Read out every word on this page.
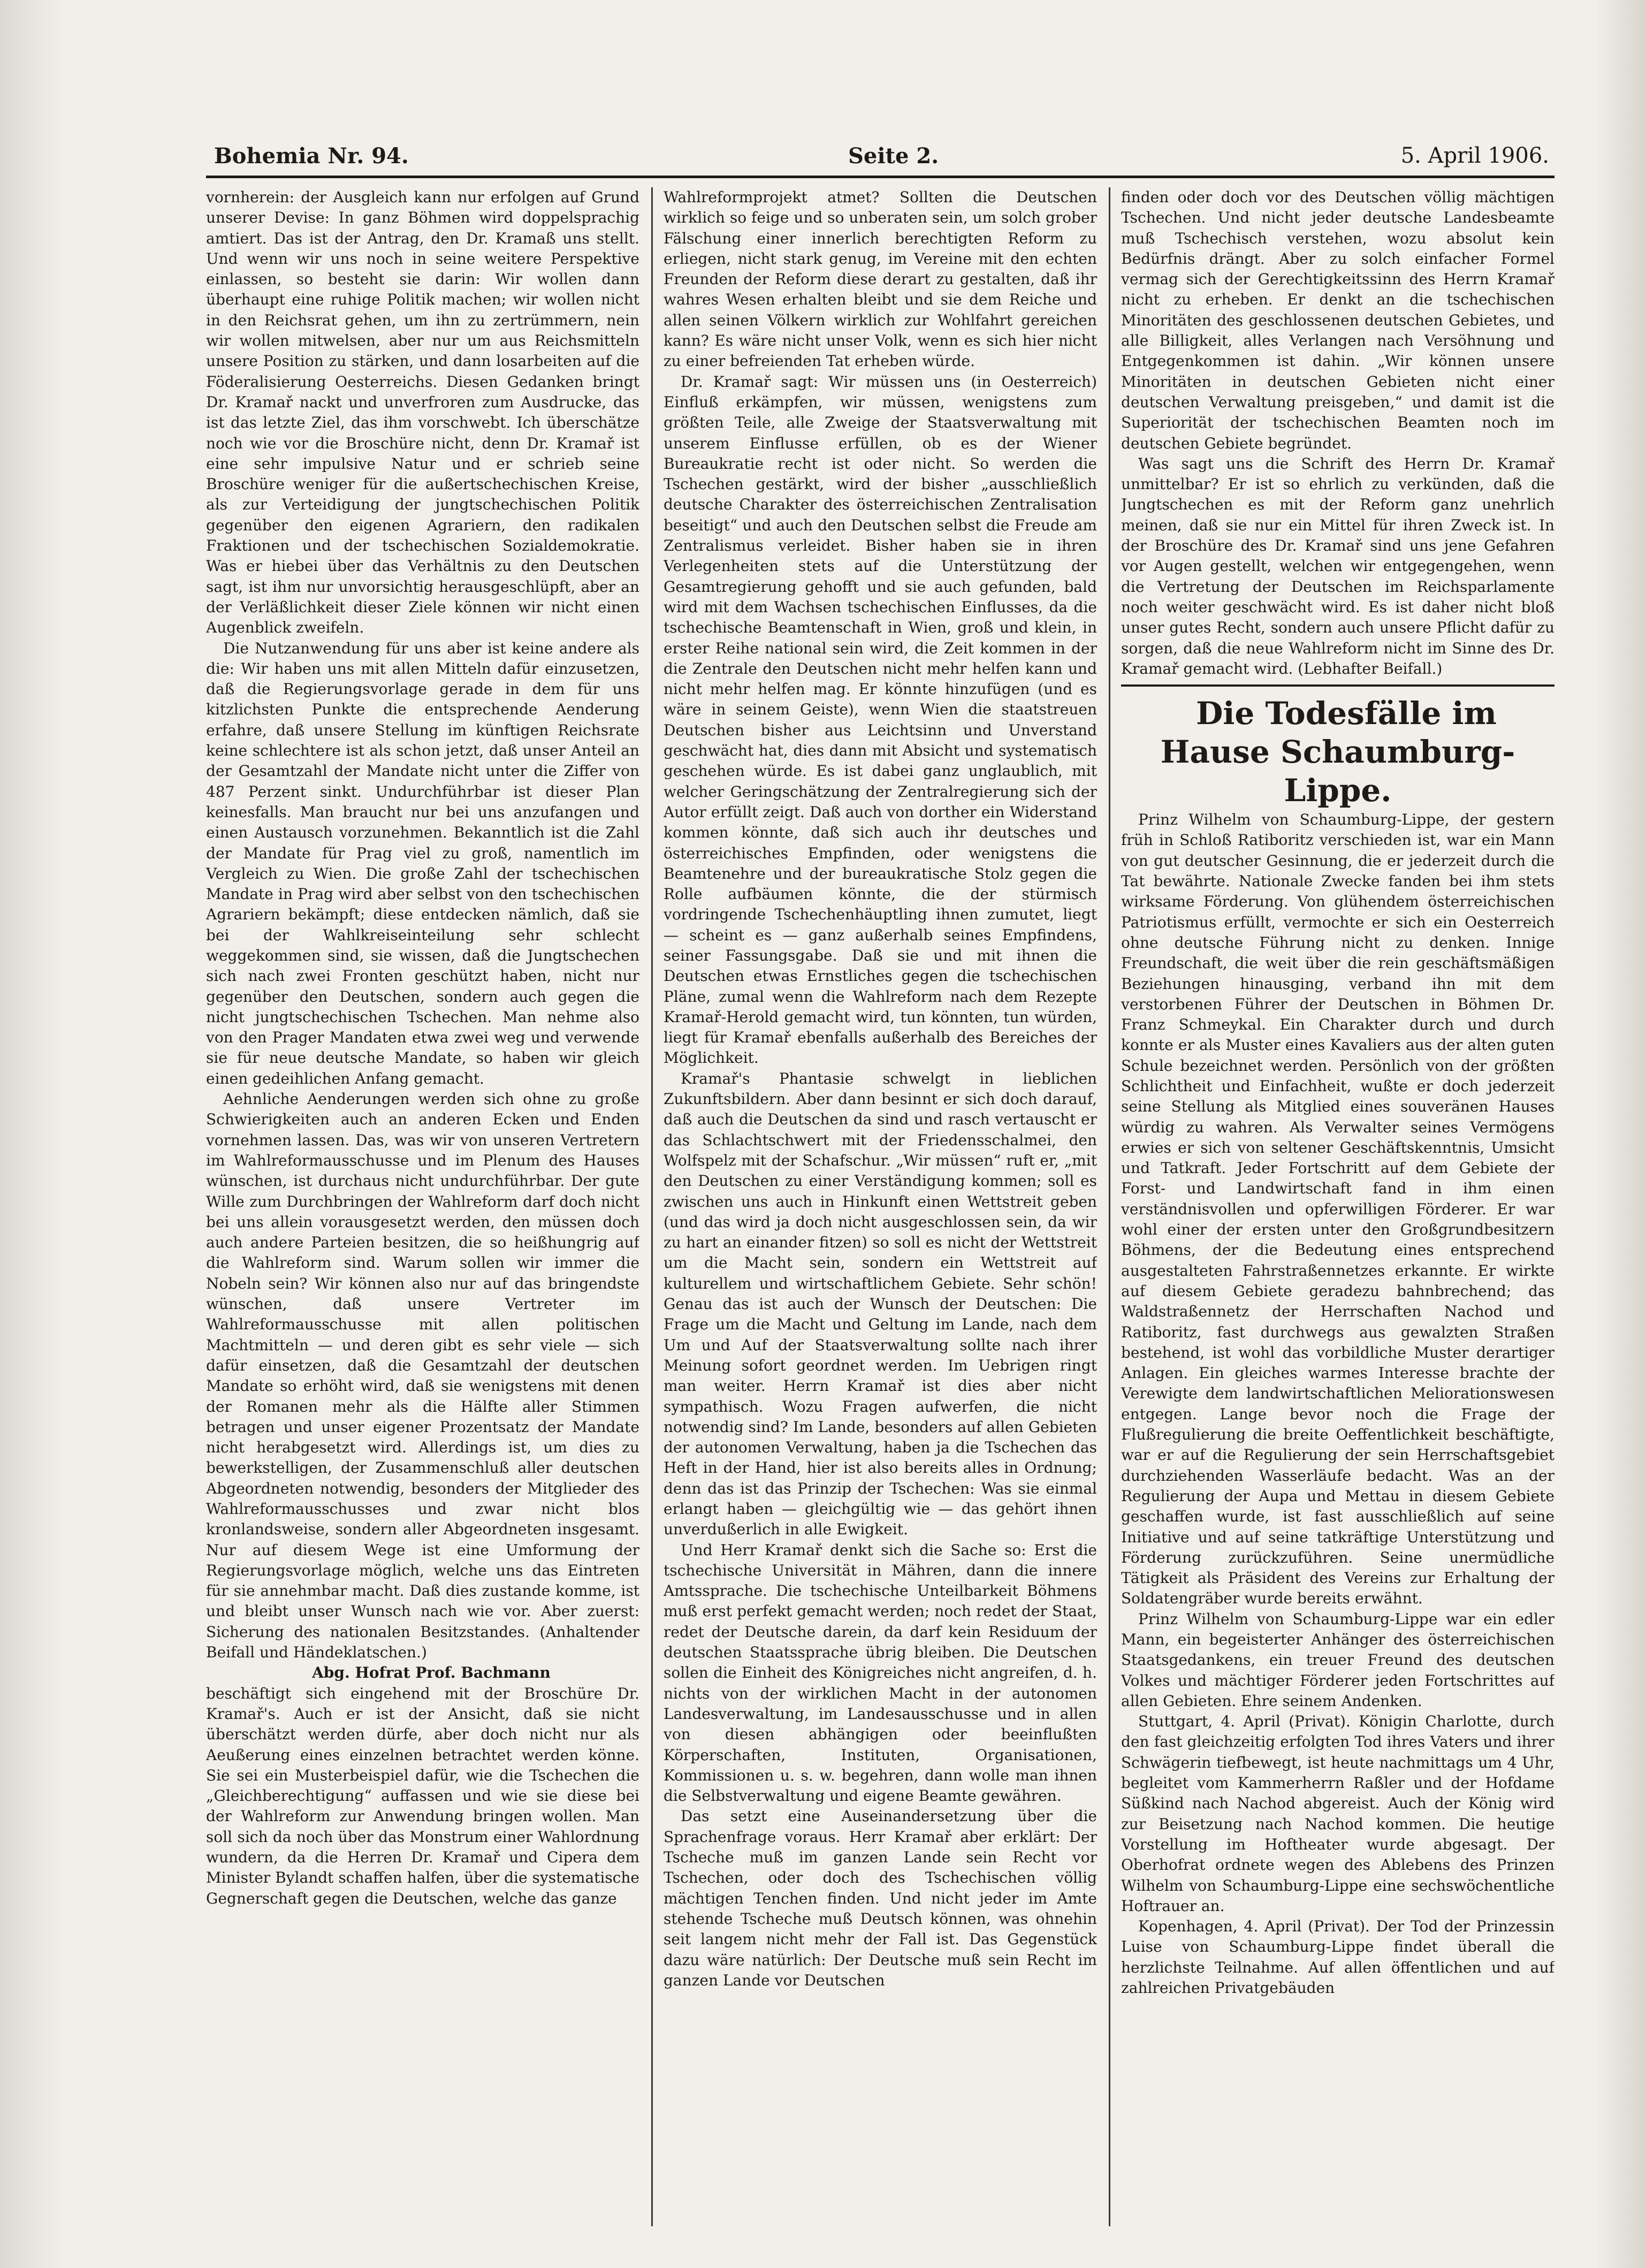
Bohemia Nr. 94.	Seite 2.	5. April 1906.

vornherein: der Ausgleich kann nur erfolgen auf Grund unserer Devise: In ganz Böhmen wird doppelsprachig amtiert. Das ist der Antrag, den Dr. Kramaß uns stellt. Und wenn wir uns noch in seine weitere Perspektive einlassen, so besteht sie darin: Wir wollen dann überhaupt eine ruhige Politik machen; wir wollen nicht in den Reichsrat gehen, um ihn zu zertrümmern, nein wir wollen mitwelsen, aber nur um aus Reichsmitteln unsere Position zu stärken, und dann losarbeiten auf die Föderalisierung Oesterreichs. Diesen Gedanken bringt Dr. Kramař nackt und unverfroren zum Ausdrucke, das ist das letzte Ziel, das ihm vorschwebt. Ich überschätze noch wie vor die Broschüre nicht, denn Dr. Kramař ist eine sehr impulsive Natur und er schrieb seine Broschüre weniger für die außertschechischen Kreise, als zur Verteidigung der jungtschechischen Politik gegenüber den eigenen Agrariern, den radikalen Fraktionen und der tschechischen Sozialdemokratie. Was er hiebei über das Verhältnis zu den Deutschen sagt, ist ihm nur unvorsichtig herausgeschlüpft, aber an der Verläßlichkeit dieser Ziele können wir nicht einen Augenblick zweifeln.

Die Nutzanwendung für uns aber ist keine andere als die: Wir haben uns mit allen Mitteln dafür einzusetzen, daß die Regierungsvorlage gerade in dem für uns kitzlichsten Punkte die entsprechende Aenderung erfahre, daß unsere Stellung im künftigen Reichsrate keine schlechtere ist als schon jetzt, daß unser Anteil an der Gesamtzahl der Mandate nicht unter die Ziffer von 487 Perzent sinkt. Undurchführbar ist dieser Plan keinesfalls. Man braucht nur bei uns anzufangen und einen Austausch vorzunehmen. Bekanntlich ist die Zahl der Mandate für Prag viel zu groß, namentlich im Vergleich zu Wien. Die große Zahl der tschechischen Mandate in Prag wird aber selbst von den tschechischen Agrariern bekämpft; diese entdecken nämlich, daß sie bei der Wahlkreiseinteilung sehr schlecht weggekommen sind, sie wissen, daß die Jungtschechen sich nach zwei Fronten geschützt haben, nicht nur gegenüber den Deutschen, sondern auch gegen die nicht jungtschechischen Tschechen. Man nehme also von den Prager Mandaten etwa zwei weg und verwende sie für neue deutsche Mandate, so haben wir gleich einen gedeihlichen Anfang gemacht.

Aehnliche Aenderungen werden sich ohne zu große Schwierigkeiten auch an anderen Ecken und Enden vornehmen lassen. Das, was wir von unseren Vertretern im Wahlreformausschusse und im Plenum des Hauses wünschen, ist durchaus nicht undurchführbar. Der gute Wille zum Durchbringen der Wahlreform darf doch nicht bei uns allein vorausgesetzt werden, den müssen doch auch andere Parteien besitzen, die so heißhungrig auf die Wahlreform sind. Warum sollen wir immer die Nobeln sein? Wir können also nur auf das bringendste wünschen, daß unsere Vertreter im Wahlreformausschusse mit allen politischen Machtmitteln — und deren gibt es sehr viele — sich dafür einsetzen, daß die Gesamtzahl der deutschen Mandate so erhöht wird, daß sie wenigstens mit denen der Romanen mehr als die Hälfte aller Stimmen betragen und unser eigener Prozentsatz der Mandate nicht herabgesetzt wird. Allerdings ist, um dies zu bewerkstelligen, der Zusammenschluß aller deutschen Abgeordneten notwendig, besonders der Mitglieder des Wahlreformausschusses und zwar nicht blos kronlandsweise, sondern aller Abgeordneten insgesamt. Nur auf diesem Wege ist eine Umformung der Regierungsvorlage möglich, welche uns das Eintreten für sie annehmbar macht. Daß dies zustande komme, ist und bleibt unser Wunsch nach wie vor. Aber zuerst: Sicherung des nationalen Besitzstandes. (Anhaltender Beifall und Händeklatschen.)

Abg. Hofrat Prof. Bachmann

beschäftigt sich eingehend mit der Broschüre Dr. Kramař's. Auch er ist der Ansicht, daß sie nicht überschätzt werden dürfe, aber doch nicht nur als Aeußerung eines einzelnen betrachtet werden könne. Sie sei ein Musterbeispiel dafür, wie die Tschechen die „Gleichberechtigung“ auffassen und wie sie diese bei der Wahlreform zur Anwendung bringen wollen. Man soll sich da noch über das Monstrum einer Wahlordnung wundern, da die Herren Dr. Kramař und Cipera dem Minister Bylandt schaffen halfen, über die systematische Gegnerschaft gegen die Deutschen, welche das ganze

Wahlreformprojekt atmet? Sollten die Deutschen wirklich so feige und so unberaten sein, um solch grober Fälschung einer innerlich berechtigten Reform zu erliegen, nicht stark genug, im Vereine mit den echten Freunden der Reform diese derart zu gestalten, daß ihr wahres Wesen erhalten bleibt und sie dem Reiche und allen seinen Völkern wirklich zur Wohlfahrt gereichen kann? Es wäre nicht unser Volk, wenn es sich hier nicht zu einer befreienden Tat erheben würde.

Dr. Kramař sagt: Wir müssen uns (in Oesterreich) Einfluß erkämpfen, wir müssen, wenigstens zum größten Teile, alle Zweige der Staatsverwaltung mit unserem Einflusse erfüllen, ob es der Wiener Bureaukratie recht ist oder nicht. So werden die Tschechen gestärkt, wird der bisher „ausschließlich deutsche Charakter des österreichischen Zentralisation beseitigt“ und auch den Deutschen selbst die Freude am Zentralismus verleidet. Bisher haben sie in ihren Verlegenheiten stets auf die Unterstützung der Gesamtregierung gehofft und sie auch gefunden, bald wird mit dem Wachsen tschechischen Einflusses, da die tschechische Beamtenschaft in Wien, groß und klein, in erster Reihe national sein wird, die Zeit kommen in der die Zentrale den Deutschen nicht mehr helfen kann und nicht mehr helfen mag. Er könnte hinzufügen (und es wäre in seinem Geiste), wenn Wien die staatstreuen Deutschen bisher aus Leichtsinn und Unverstand geschwächt hat, dies dann mit Absicht und systematisch geschehen würde. Es ist dabei ganz unglaublich, mit welcher Geringschätzung der Zentralregierung sich der Autor erfüllt zeigt. Daß auch von dorther ein Widerstand kommen könnte, daß sich auch ihr deutsches und österreichisches Empfinden, oder wenigstens die Beamtenehre und der bureaukratische Stolz gegen die Rolle aufbäumen könnte, die der stürmisch vordringende Tschechenhäuptling ihnen zumutet, liegt — scheint es — ganz außerhalb seines Empfindens, seiner Fassungsgabe. Daß sie und mit ihnen die Deutschen etwas Ernstliches gegen die tschechischen Pläne, zumal wenn die Wahlreform nach dem Rezepte Kramař-Herold gemacht wird, tun könnten, tun würden, liegt für Kramař ebenfalls außerhalb des Bereiches der Möglichkeit.

Kramař's Phantasie schwelgt in lieblichen Zukunftsbildern. Aber dann besinnt er sich doch darauf, daß auch die Deutschen da sind und rasch vertauscht er das Schlachtschwert mit der Friedensschalmei, den Wolfspelz mit der Schafschur. „Wir müssen“ ruft er, „mit den Deutschen zu einer Verständigung kommen; soll es zwischen uns auch in Hinkunft einen Wettstreit geben (und das wird ja doch nicht ausgeschlossen sein, da wir zu hart an einander fitzen) so soll es nicht der Wettstreit um die Macht sein, sondern ein Wettstreit auf kulturellem und wirtschaftlichem Gebiete. Sehr schön! Genau das ist auch der Wunsch der Deutschen: Die Frage um die Macht und Geltung im Lande, nach dem Um und Auf der Staatsverwaltung sollte nach ihrer Meinung sofort geordnet werden. Im Uebrigen ringt man weiter. Herrn Kramař ist dies aber nicht sympathisch. Wozu Fragen aufwerfen, die nicht notwendig sind? Im Lande, besonders auf allen Gebieten der autonomen Verwaltung, haben ja die Tschechen das Heft in der Hand, hier ist also bereits alles in Ordnung; denn das ist das Prinzip der Tschechen: Was sie einmal erlangt haben — gleichgültig wie — das gehört ihnen unverdußerlich in alle Ewigkeit.

Und Herr Kramař denkt sich die Sache so: Erst die tschechische Universität in Mähren, dann die innere Amtssprache. Die tschechische Unteilbarkeit Böhmens muß erst perfekt gemacht werden; noch redet der Staat, redet der Deutsche darein, da darf kein Residuum der deutschen Staatssprache übrig bleiben. Die Deutschen sollen die Einheit des Königreiches nicht angreifen, d. h. nichts von der wirklichen Macht in der autonomen Landesverwaltung, im Landesausschusse und in allen von diesen abhängigen oder beeinflußten Körperschaften, Instituten, Organisationen, Kommissionen u. s. w. begehren, dann wolle man ihnen die Selbstverwaltung und eigene Beamte gewähren.

Das setzt eine Auseinandersetzung über die Sprachenfrage voraus. Herr Kramař aber erklärt: Der Tscheche muß im ganzen Lande sein Recht vor Tschechen, oder doch des Tschechischen völlig mächtigen Tenchen finden. Und nicht jeder im Amte stehende Tscheche muß Deutsch können, was ohnehin seit langem nicht mehr der Fall ist. Das Gegenstück dazu wäre natürlich: Der Deutsche muß sein Recht im ganzen Lande vor Deutschen

finden oder doch vor des Deutschen völlig mächtigen Tschechen. Und nicht jeder deutsche Landesbeamte muß Tschechisch verstehen, wozu absolut kein Bedürfnis drängt. Aber zu solch einfacher Formel vermag sich der Gerechtigkeitssinn des Herrn Kramař nicht zu erheben. Er denkt an die tschechischen Minoritäten des geschlossenen deutschen Gebietes, und alle Billigkeit, alles Verlangen nach Versöhnung und Entgegenkommen ist dahin. „Wir können unsere Minoritäten in deutschen Gebieten nicht einer deutschen Verwaltung preisgeben,“ und damit ist die Superiorität der tschechischen Beamten noch im deutschen Gebiete begründet.

Was sagt uns die Schrift des Herrn Dr. Kramař unmittelbar? Er ist so ehrlich zu verkünden, daß die Jungtschechen es mit der Reform ganz unehrlich meinen, daß sie nur ein Mittel für ihren Zweck ist. In der Broschüre des Dr. Kramař sind uns jene Gefahren vor Augen gestellt, welchen wir entgegengehen, wenn die Vertretung der Deutschen im Reichsparlamente noch weiter geschwächt wird. Es ist daher nicht bloß unser gutes Recht, sondern auch unsere Pflicht dafür zu sorgen, daß die neue Wahlreform nicht im Sinne des Dr. Kramař gemacht wird. (Lebhafter Beifall.)

Die Todesfälle im Hause Schaumburg-Lippe.

Prinz Wilhelm von Schaumburg-Lippe, der gestern früh in Schloß Ratiboritz verschieden ist, war ein Mann von gut deutscher Gesinnung, die er jederzeit durch die Tat bewährte. Nationale Zwecke fanden bei ihm stets wirksame Förderung. Von glühendem österreichischen Patriotismus erfüllt, vermochte er sich ein Oesterreich ohne deutsche Führung nicht zu denken. Innige Freundschaft, die weit über die rein geschäftsmäßigen Beziehungen hinausging, verband ihn mit dem verstorbenen Führer der Deutschen in Böhmen Dr. Franz Schmeykal. Ein Charakter durch und durch konnte er als Muster eines Kavaliers aus der alten guten Schule bezeichnet werden. Persönlich von der größten Schlichtheit und Einfachheit, wußte er doch jederzeit seine Stellung als Mitglied eines souveränen Hauses würdig zu wahren. Als Verwalter seines Vermögens erwies er sich von seltener Geschäftskenntnis, Umsicht und Tatkraft. Jeder Fortschritt auf dem Gebiete der Forst- und Landwirtschaft fand in ihm einen verständnisvollen und opferwilligen Förderer. Er war wohl einer der ersten unter den Großgrundbesitzern Böhmens, der die Bedeutung eines entsprechend ausgestalteten Fahrstraßennetzes erkannte. Er wirkte auf diesem Gebiete geradezu bahnbrechend; das Waldstraßennetz der Herrschaften Nachod und Ratiboritz, fast durchwegs aus gewalzten Straßen bestehend, ist wohl das vorbildliche Muster derartiger Anlagen. Ein gleiches warmes Interesse brachte der Verewigte dem landwirtschaftlichen Meliorationswesen entgegen. Lange bevor noch die Frage der Flußregulierung die breite Oeffentlichkeit beschäftigte, war er auf die Regulierung der sein Herrschaftsgebiet durchziehenden Wasserläufe bedacht. Was an der Regulierung der Aupa und Mettau in diesem Gebiete geschaffen wurde, ist fast ausschließlich auf seine Initiative und auf seine tatkräftige Unterstützung und Förderung zurückzuführen. Seine unermüdliche Tätigkeit als Präsident des Vereins zur Erhaltung der Soldatengräber wurde bereits erwähnt.

Prinz Wilhelm von Schaumburg-Lippe war ein edler Mann, ein begeisterter Anhänger des österreichischen Staatsgedankens, ein treuer Freund des deutschen Volkes und mächtiger Förderer jeden Fortschrittes auf allen Gebieten. Ehre seinem Andenken.

Stuttgart, 4. April (Privat). Königin Charlotte, durch den fast gleichzeitig erfolgten Tod ihres Vaters und ihrer Schwägerin tiefbewegt, ist heute nachmittags um 4 Uhr, begleitet vom Kammerherrn Raßler und der Hofdame Süßkind nach Nachod abgereist. Auch der König wird zur Beisetzung nach Nachod kommen. Die heutige Vorstellung im Hoftheater wurde abgesagt. Der Oberhofrat ordnete wegen des Ablebens des Prinzen Wilhelm von Schaumburg-Lippe eine sechswöchentliche Hoftrauer an.

Kopenhagen, 4. April (Privat). Der Tod der Prinzessin Luise von Schaumburg-Lippe findet überall die herzlichste Teilnahme. Auf allen öffentlichen und auf zahlreichen Privatgebäuden
